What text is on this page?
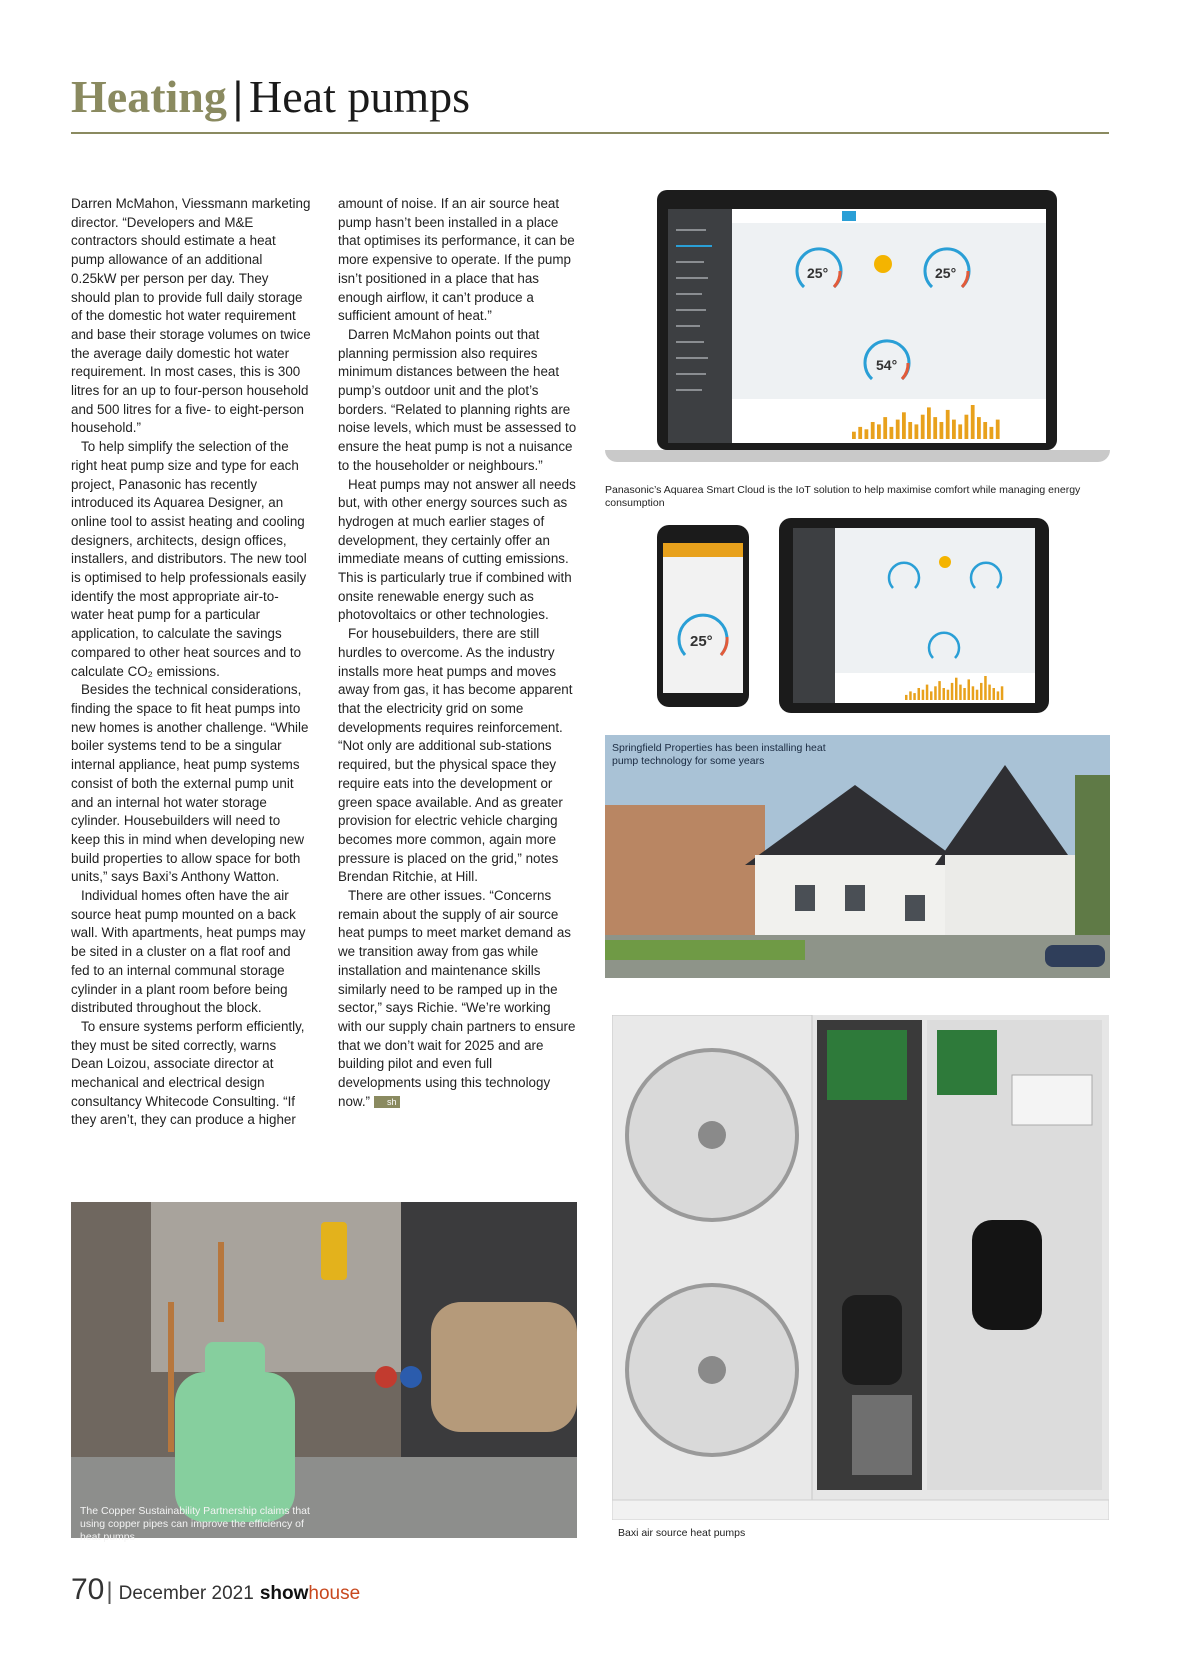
Heating | Heat pumps

Darren McMahon, Viessmann marketing director. “Developers and M&E contractors should estimate a heat pump allowance of an additional 0.25kW per person per day. They should plan to provide full daily storage of the domestic hot water requirement and base their storage volumes on twice the average daily domestic hot water requirement. In most cases, this is 300 litres for an up to four-person household and 500 litres for a five- to eight-person household.”

To help simplify the selection of the right heat pump size and type for each project, Panasonic has recently introduced its Aquarea Designer, an online tool to assist heating and cooling designers, architects, design offices, installers, and distributors. The new tool is optimised to help professionals easily identify the most appropriate air-to-water heat pump for a particular application, to calculate the savings compared to other heat sources and to calculate CO₂ emissions.

Besides the technical considerations, finding the space to fit heat pumps into new homes is another challenge. “While boiler systems tend to be a singular internal appliance, heat pump systems consist of both the external pump unit and an internal hot water storage cylinder. Housebuilders will need to keep this in mind when developing new build properties to allow space for both units,” says Baxi’s Anthony Watton.

Individual homes often have the air source heat pump mounted on a back wall. With apartments, heat pumps may be sited in a cluster on a flat roof and fed to an internal communal storage cylinder in a plant room before being distributed throughout the block.

To ensure systems perform efficiently, they must be sited correctly, warns Dean Loizou, associate director at mechanical and electrical design consultancy Whitecode Consulting. “If they aren’t, they can produce a higher

amount of noise. If an air source heat pump hasn’t been installed in a place that optimises its performance, it can be more expensive to operate. If the pump isn’t positioned in a place that has enough airflow, it can’t produce a sufficient amount of heat.”

Darren McMahon points out that planning permission also requires minimum distances between the heat pump’s outdoor unit and the plot’s borders. “Related to planning rights are noise levels, which must be assessed to ensure the heat pump is not a nuisance to the householder or neighbours.”

Heat pumps may not answer all needs but, with other energy sources such as hydrogen at much earlier stages of development, they certainly offer an immediate means of cutting emissions. This is particularly true if combined with onsite renewable energy such as photovoltaics or other technologies.

For housebuilders, there are still hurdles to overcome. As the industry installs more heat pumps and moves away from gas, it has become apparent that the electricity grid on some developments requires reinforcement. “Not only are additional sub-stations required, but the physical space they require eats into the development or green space available. And as greater provision for electric vehicle charging becomes more common, again more pressure is placed on the grid,” notes Brendan Ritchie, at Hill.

There are other issues. “Concerns remain about the supply of air source heat pumps to meet market demand as we transition away from gas while installation and maintenance skills similarly need to be ramped up in the sector,” says Richie. “We’re working with our supply chain partners to ensure that we don’t wait for 2025 and are building pilot and even full developments using this technology now.” sh

25°	25°
54°
Panasonic’s Aquarea Smart Cloud is the IoT solution to help maximise comfort while managing energy consumption
25°
Springfield Properties has been installing heat pump technology for some years
Baxi air source heat pumps
The Copper Sustainability Partnership claims that using copper pipes can improve the efficiency of heat pumps
70| December 2021 showhouse
